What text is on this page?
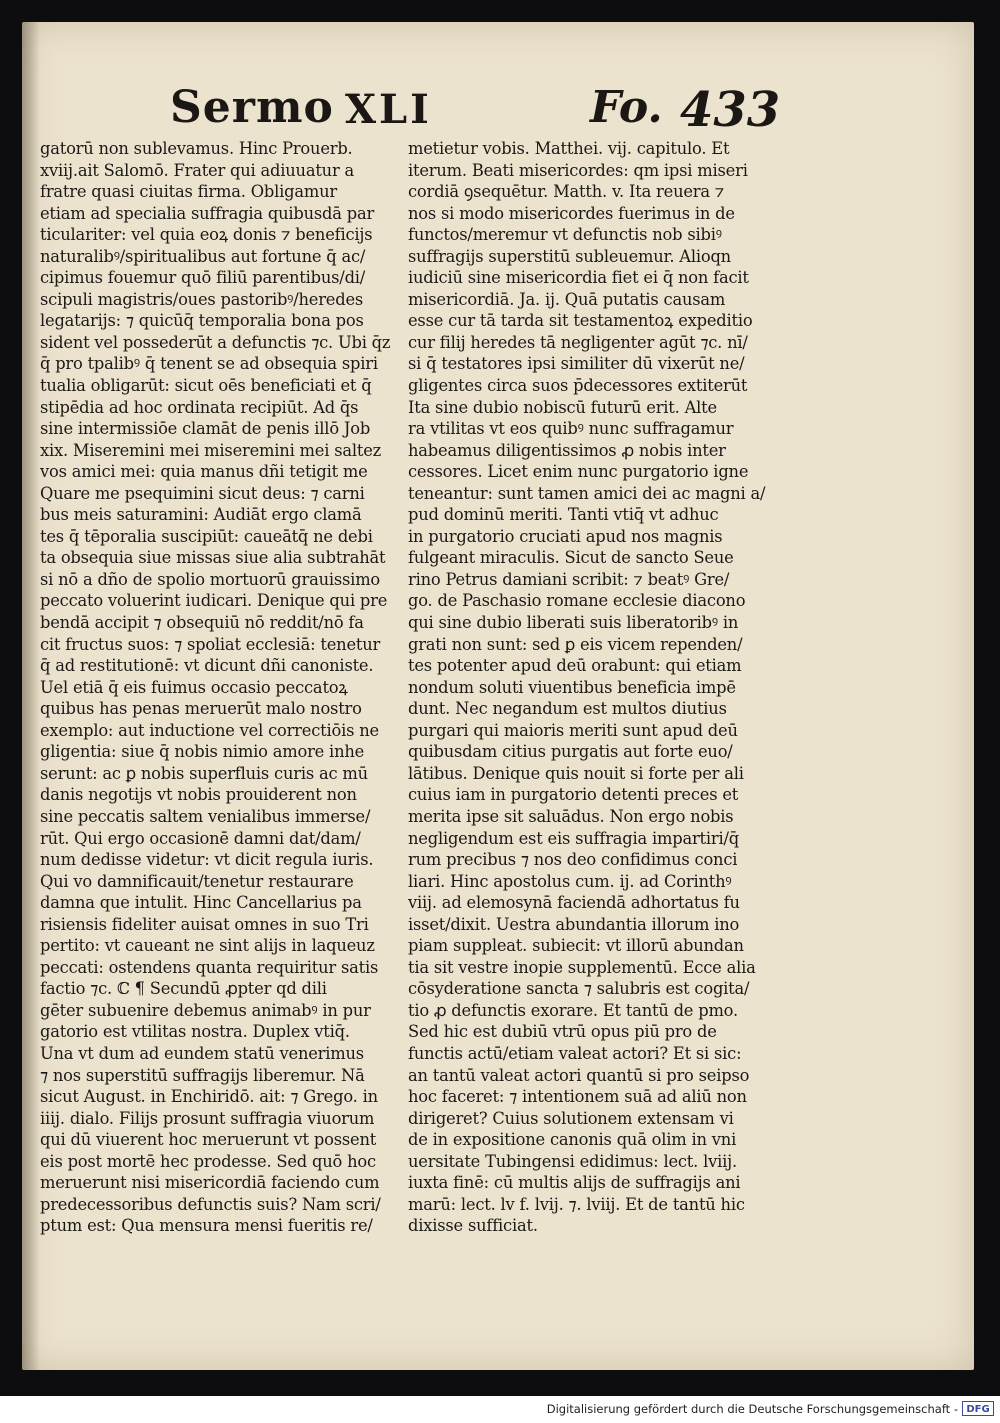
Sermo XLI	Fo. 433
gatorū non sublevamus. Hinc Prouerb.
xviij.ait Salomō. Frater qui adiuuatur a
fratre quasi ciuitas firma. Obligamur
etiam ad specialia suffragia quibusdā par
ticulariter: vel quia eoꝝ donis ⁊ beneficijs
naturalibꝰ/spiritualibus aut fortune q̄ ac/
cipimus fouemur quō filiū parentibus/di/
scipuli magistris/oues pastoribꝰ/heredes
legatarijs: ⁊ quicūq̄ temporalia bona pos
sident vel possederūt a defunctis ⁊c. Ubi q̄z
q̄ pro tpalibꝰ q̄ tenent se ad obsequia spiri
tualia obligarūt: sicut oēs beneficiati et q̄
stipēdia ad hoc ordinata recipiūt. Ad q̄s
sine intermissiōe clamāt de penis illō Job
xix. Miseremini mei miseremini mei saltez
vos amici mei: quia manus dñi tetigit me
Quare me psequimini sicut deus: ⁊ carni
bus meis saturamini: Audiāt ergo clamā
tes q̄ tēporalia suscipiūt: caueātq̄ ne debi
ta obsequia siue missas siue alia subtrahāt
si nō a dño de spolio mortuorū grauissimo
peccato voluerint iudicari. Denique qui pre
bendā accipit ⁊ obsequiū nō reddit/nō fa
cit fructus suos: ⁊ spoliat ecclesiā: tenetur
q̄ ad restitutionē: vt dicunt dñi canoniste.
Uel etiā q̄ eis fuimus occasio peccatoꝝ
quibus has penas meruerūt malo nostro
exemplo: aut inductione vel correctiōis ne
gligentia: siue q̄ nobis nimio amore inhe
serunt: ac ꝑ nobis superfluis curis ac mū
danis negotijs vt nobis prouiderent non
sine peccatis saltem venialibus immerse/
rūt. Qui ergo occasionē damni dat/dam/
num dedisse videtur: vt dicit regula iuris.
Qui vo damnificauit/tenetur restaurare
damna que intulit. Hinc Cancellarius pa
risiensis fideliter auisat omnes in suo Tri
pertito: vt caueant ne sint alijs in laqueuz
peccati: ostendens quanta requiritur satis
factio ⁊c. ℂ ¶ Secundū ꝓpter qd dili
gēter subuenire debemus animabꝰ in pur
gatorio est vtilitas nostra. Duplex vtiq̄.
Una vt dum ad eundem statū venerimus
⁊ nos superstitū suffragijs liberemur. Nā
sicut August. in Enchiridō. ait: ⁊ Grego. in
iiij. dialo. Filijs prosunt suffragia viuorum
qui dū viuerent hoc meruerunt vt possent
eis post mortē hec prodesse. Sed quō hoc
meruerunt nisi misericordiā faciendo cum
predecessoribus defunctis suis? Nam scri/
ptum est: Qua mensura mensi fueritis re/
metietur vobis. Matthei. vij. capitulo. Et
iterum. Beati misericordes: qm ipsi miseri
cordiā ꝯsequētur. Matth. v. Ita reuera ⁊
nos si modo misericordes fuerimus in de
functos/meremur vt defunctis nob sibiꝰ
suffragijs superstitū subleuemur. Alioqn
iudiciū sine misericordia fiet ei q̄ non facit
misericordiā. Ja. ij. Quā putatis causam
esse cur tā tarda sit testamentoꝝ expeditio
cur filij heredes tā negligenter agūt ⁊c. nī/
si q̄ testatores ipsi similiter dū vixerūt ne/
gligentes circa suos p̄decessores extiterūt
Ita sine dubio nobiscū futurū erit. Alte
ra vtilitas vt eos quibꝰ nunc suffragamur
habeamus diligentissimos ꝓ nobis inter
cessores. Licet enim nunc purgatorio igne
teneantur: sunt tamen amici dei ac magni a/
pud dominū meriti. Tanti vtiq̄ vt adhuc
in purgatorio cruciati apud nos magnis
fulgeant miraculis. Sicut de sancto Seue
rino Petrus damiani scribit: ⁊ beatꝰ Gre/
go. de Paschasio romane ecclesie diacono
qui sine dubio liberati suis liberatoribꝰ in
grati non sunt: sed ꝑ eis vicem rependen/
tes potenter apud deū orabunt: qui etiam
nondum soluti viuentibus beneficia impē
dunt. Nec negandum est multos diutius
purgari qui maioris meriti sunt apud deū
quibusdam citius purgatis aut forte euo/
lātibus. Denique quis nouit si forte per ali
cuius iam in purgatorio detenti preces et
merita ipse sit saluādus. Non ergo nobis
negligendum est eis suffragia impartiri/q̄
rum precibus ⁊ nos deo confidimus conci
liari. Hinc apostolus cum. ij. ad Corinthꝰ
viij. ad elemosynā faciendā adhortatus fu
isset/dixit. Uestra abundantia illorum ino
piam suppleat. subiecit: vt illorū abundan
tia sit vestre inopie supplementū. Ecce alia
cōsyderatione sancta ⁊ salubris est cogita/
tio ꝓ defunctis exorare. Et tantū de pmo.
Sed hic est dubiū vtrū opus piū pro de
functis actū/etiam valeat actori? Et si sic:
an tantū valeat actori quantū si pro seipso
hoc faceret: ⁊ intentionem suā ad aliū non
dirigeret? Cuius solutionem extensam vi
de in expositione canonis quā olim in vni
uersitate Tubingensi edidimus: lect. lviij.
iuxta finē: cū multis alijs de suffragijs ani
marū: lect. lv f. lvij. ⁊. lviij. Et de tantū hic
dixisse sufficiat.
Digitalisierung gefördert durch die Deutsche Forschungsgemeinschaft - DFG
